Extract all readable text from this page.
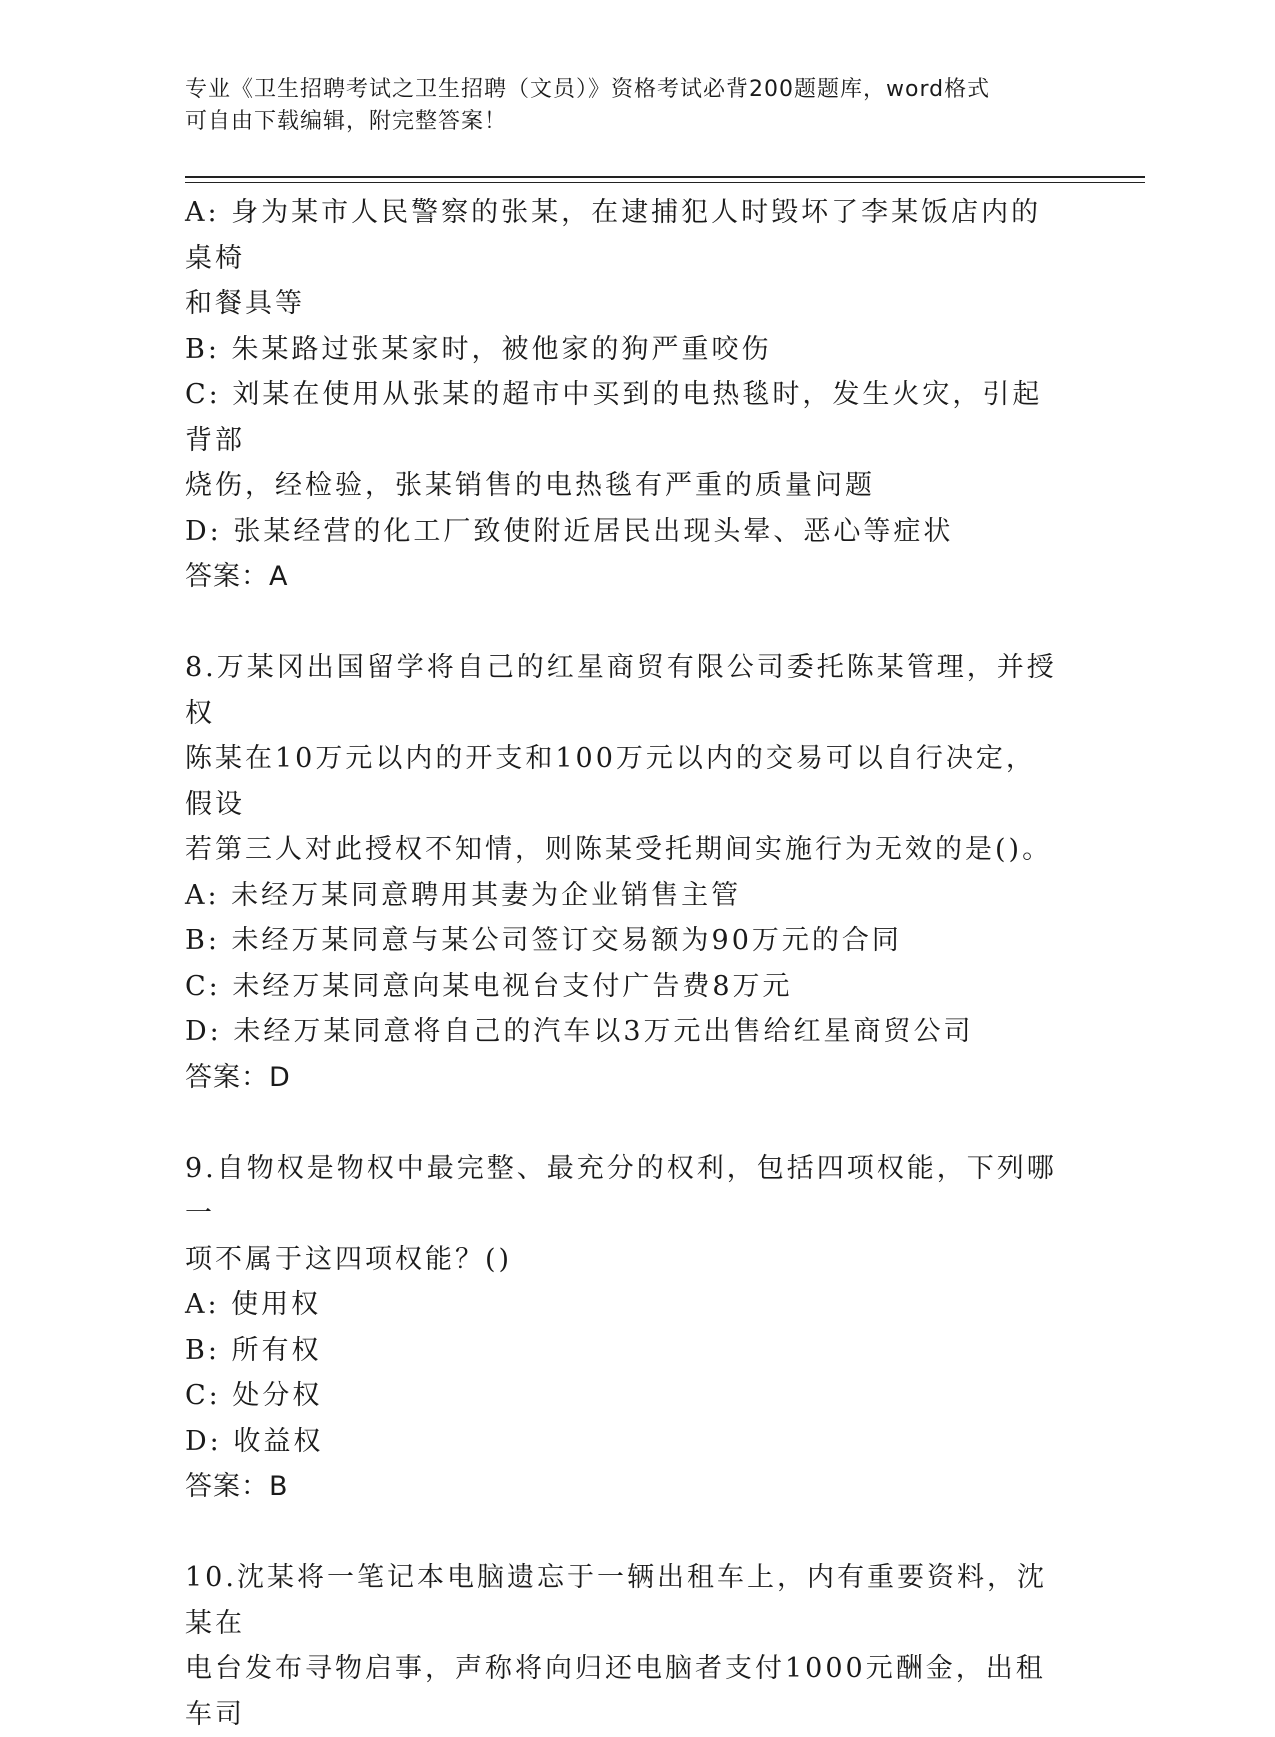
专业《卫生招聘考试之卫生招聘（文员）》资格考试必背200题题库，word格式
可自由下载编辑，附完整答案！
A: 身为某市人民警察的张某，在逮捕犯人时毁坏了李某饭店内的桌椅
和餐具等
B: 朱某路过张某家时，被他家的狗严重咬伤
C: 刘某在使用从张某的超市中买到的电热毯时，发生火灾，引起背部
烧伤，经检验，张某销售的电热毯有严重的质量问题
D: 张某经营的化工厂致使附近居民出现头晕、恶心等症状
答案：A
8.万某冈出国留学将自己的红星商贸有限公司委托陈某管理，并授权
陈某在10万元以内的开支和100万元以内的交易可以自行决定，假设
若第三人对此授权不知情，则陈某受托期间实施行为无效的是()。
A: 未经万某同意聘用其妻为企业销售主管
B: 未经万某同意与某公司签订交易额为90万元的合同
C: 未经万某同意向某电视台支付广告费8万元
D: 未经万某同意将自己的汽车以3万元出售给红星商贸公司
答案：D
9.自物权是物权中最完整、最充分的权利，包括四项权能，下列哪一
项不属于这四项权能？()
A: 使用权
B: 所有权
C: 处分权
D: 收益权
答案：B
10.沈某将一笔记本电脑遗忘于一辆出租车上，内有重要资料，沈某在
电台发布寻物启事，声称将向归还电脑者支付1000元酬金，出租车司
